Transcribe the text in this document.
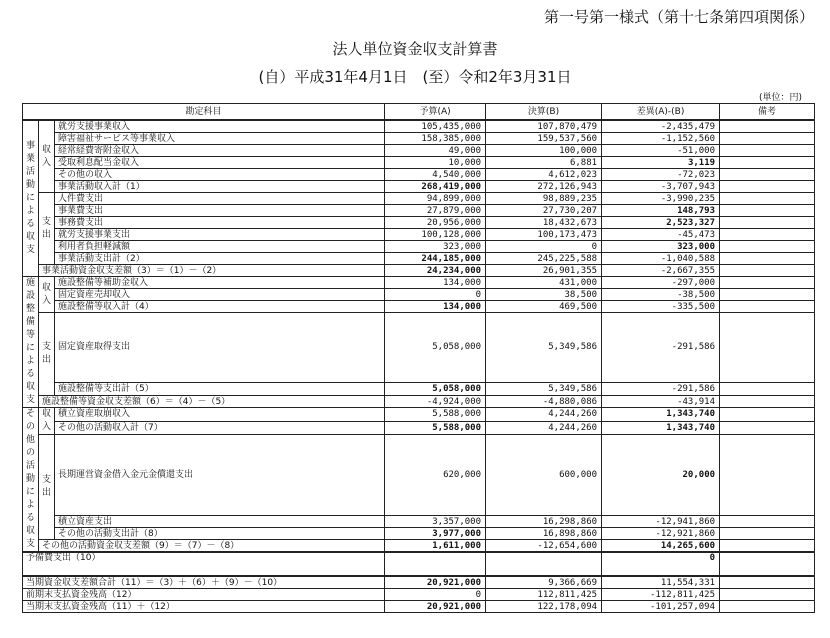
第一号第一様式（第十七条第四項関係）
法人単位資金収支計算書
(自）平成31年4月1日　(至）令和2年3月31日
(単位：円)
勘定科目			予算(A)	決算(B)	差異(A)-(B)	備考
事業活動による収支	収入	就労支援事業収入	105,435,000	107,870,479	-2,435,479	
		障害福祉サービス等事業収入	158,385,000	159,537,560	-1,152,560	
		経常経費寄附金収入	49,000	100,000	-51,000	
		受取利息配当金収入	10,000	6,881	3,119	
		その他の収入	4,540,000	4,612,023	-72,023	
		事業活動収入計（1）	268,419,000	272,126,943	-3,707,943	
	支出	人件費支出	94,899,000	98,889,235	-3,990,235	
		事業費支出	27,879,000	27,730,207	148,793	
		事務費支出	20,956,000	18,432,673	2,523,327	
		就労支援事業支出	100,128,000	100,173,473	-45,473	
		利用者負担軽減額	323,000	0	323,000	
		事業活動支出計（2）	244,185,000	245,225,588	-1,040,588	
	事業活動資金収支差額（3）＝（1）－（2）		24,234,000	26,901,355	-2,667,355	
施設整備等による収支	収入	施設整備等補助金収入	134,000	431,000	-297,000	
		固定資産売却収入	0	38,500	-38,500	
		施設整備等収入計（4）	134,000	469,500	-335,500	
	支出	固定資産取得支出	5,058,000	5,349,586	-291,586	
		施設整備等支出計（5）	5,058,000	5,349,586	-291,586	
	施設整備等資金収支差額（6）＝（4）－（5）		-4,924,000	-4,880,086	-43,914	
その他の活動による収支	収入	積立資産取崩収入	5,588,000	4,244,260	1,343,740	
		その他の活動収入計（7）	5,588,000	4,244,260	1,343,740	
	支出	長期運営資金借入金元金償還支出	620,000	600,000	20,000	
		積立資産支出	3,357,000	16,298,860	-12,941,860	
		その他の活動支出計（8）	3,977,000	16,898,860	-12,921,860	
	その他の活動資金収支差額（9）＝（7）－（8）		1,611,000	-12,654,600	14,265,600	
予備費支出（10）					0	
当期資金収支差額合計（11）＝（3）＋（6）＋（9）－（10）			20,921,000	9,366,669	11,554,331	
前期末支払資金残高（12）			0	112,811,425	-112,811,425	
当期末支払資金残高（11）＋（12）			20,921,000	122,178,094	-101,257,094	
